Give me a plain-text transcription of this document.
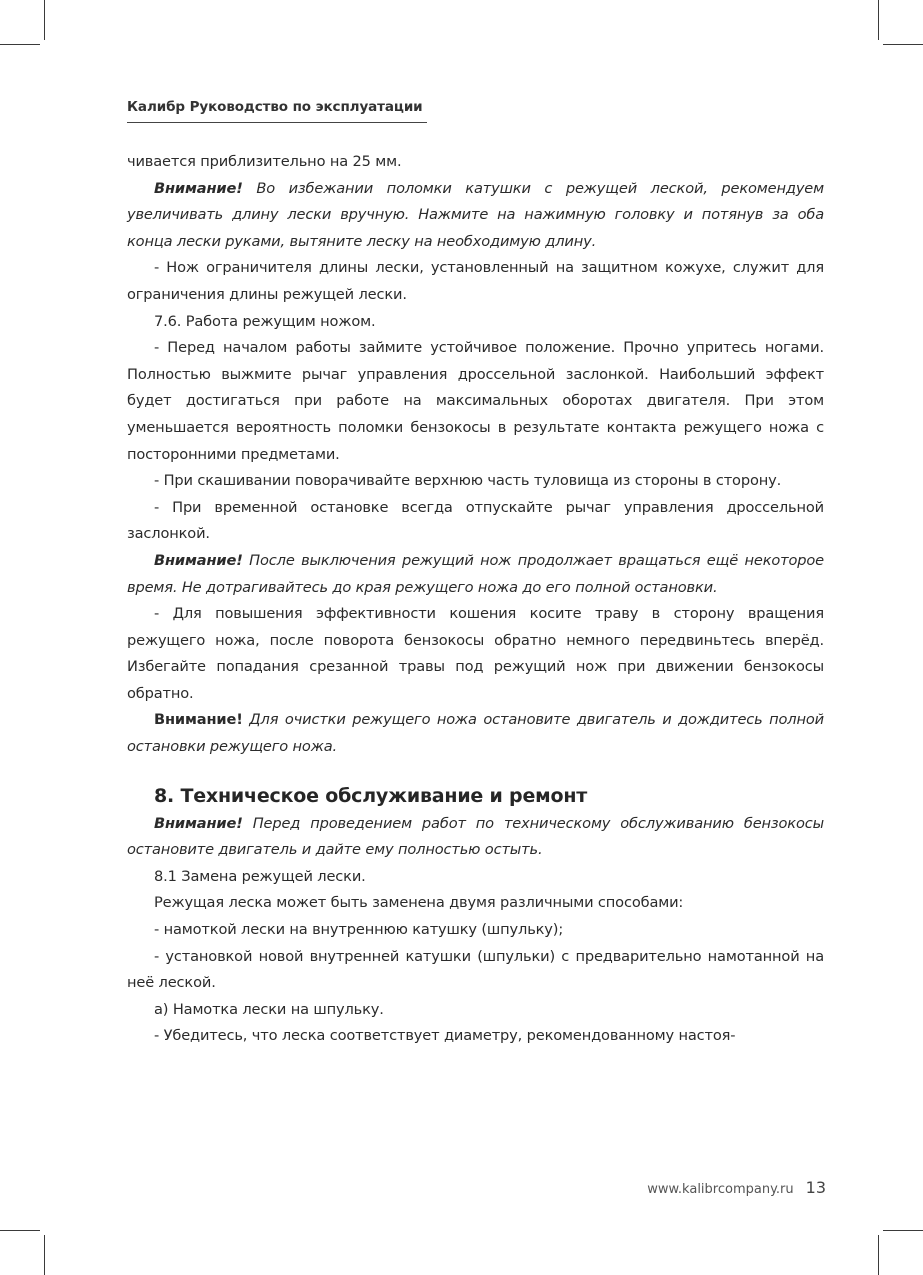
Калибр Руководство по эксплуатации

чивается приблизительно на 25 мм.

Внимание! Во избежании поломки катушки с режущей леской, рекомендуем увеличивать длину лески вручную. Нажмите на нажимную головку и потянув за оба конца лески руками, вытяните леску на необходимую длину.

- Нож ограничителя длины лески, установленный на защитном кожухе, служит для ограничения длины режущей лески.

7.6. Работа режущим ножом.

- Перед началом работы займите устойчивое положение. Прочно упритесь ногами. Полностью выжмите рычаг управления дроссельной заслонкой. Наибольший эффект будет достигаться при работе на максимальных оборотах двигателя. При этом уменьшается вероятность поломки бензокосы в результате контакта режущего ножа с посторонними предметами.

- При скашивании поворачивайте верхнюю часть туловища из стороны в сторону.

- При временной остановке всегда отпускайте рычаг управления дроссельной заслонкой.

Внимание! После выключения режущий нож продолжает вращаться ещё некоторое время. Не дотрагивайтесь до края режущего ножа до его полной остановки.

- Для повышения эффективности кошения косите траву в сторону вращения режущего ножа, после поворота бензокосы обратно немного передвиньтесь вперёд. Избегайте попадания срезанной травы под режущий нож при движении бензокосы обратно.

Внимание! Для очистки режущего ножа остановите двигатель и дождитесь полной остановки режущего ножа.

8. Техническое обслуживание и ремонт

Внимание! Перед проведением работ по техническому обслуживанию бензокосы остановите двигатель и дайте ему полностью остыть.

8.1 Замена режущей лески.

Режущая леска может быть заменена двумя различными способами:

- намоткой лески на внутреннюю катушку (шпульку);

- установкой новой внутренней катушки (шпульки) с предварительно намотанной на неё леской.

а) Намотка лески на шпульку.

- Убедитесь, что леска соответствует диаметру, рекомендованному настоя-

www.kalibrcompany.ru 13
